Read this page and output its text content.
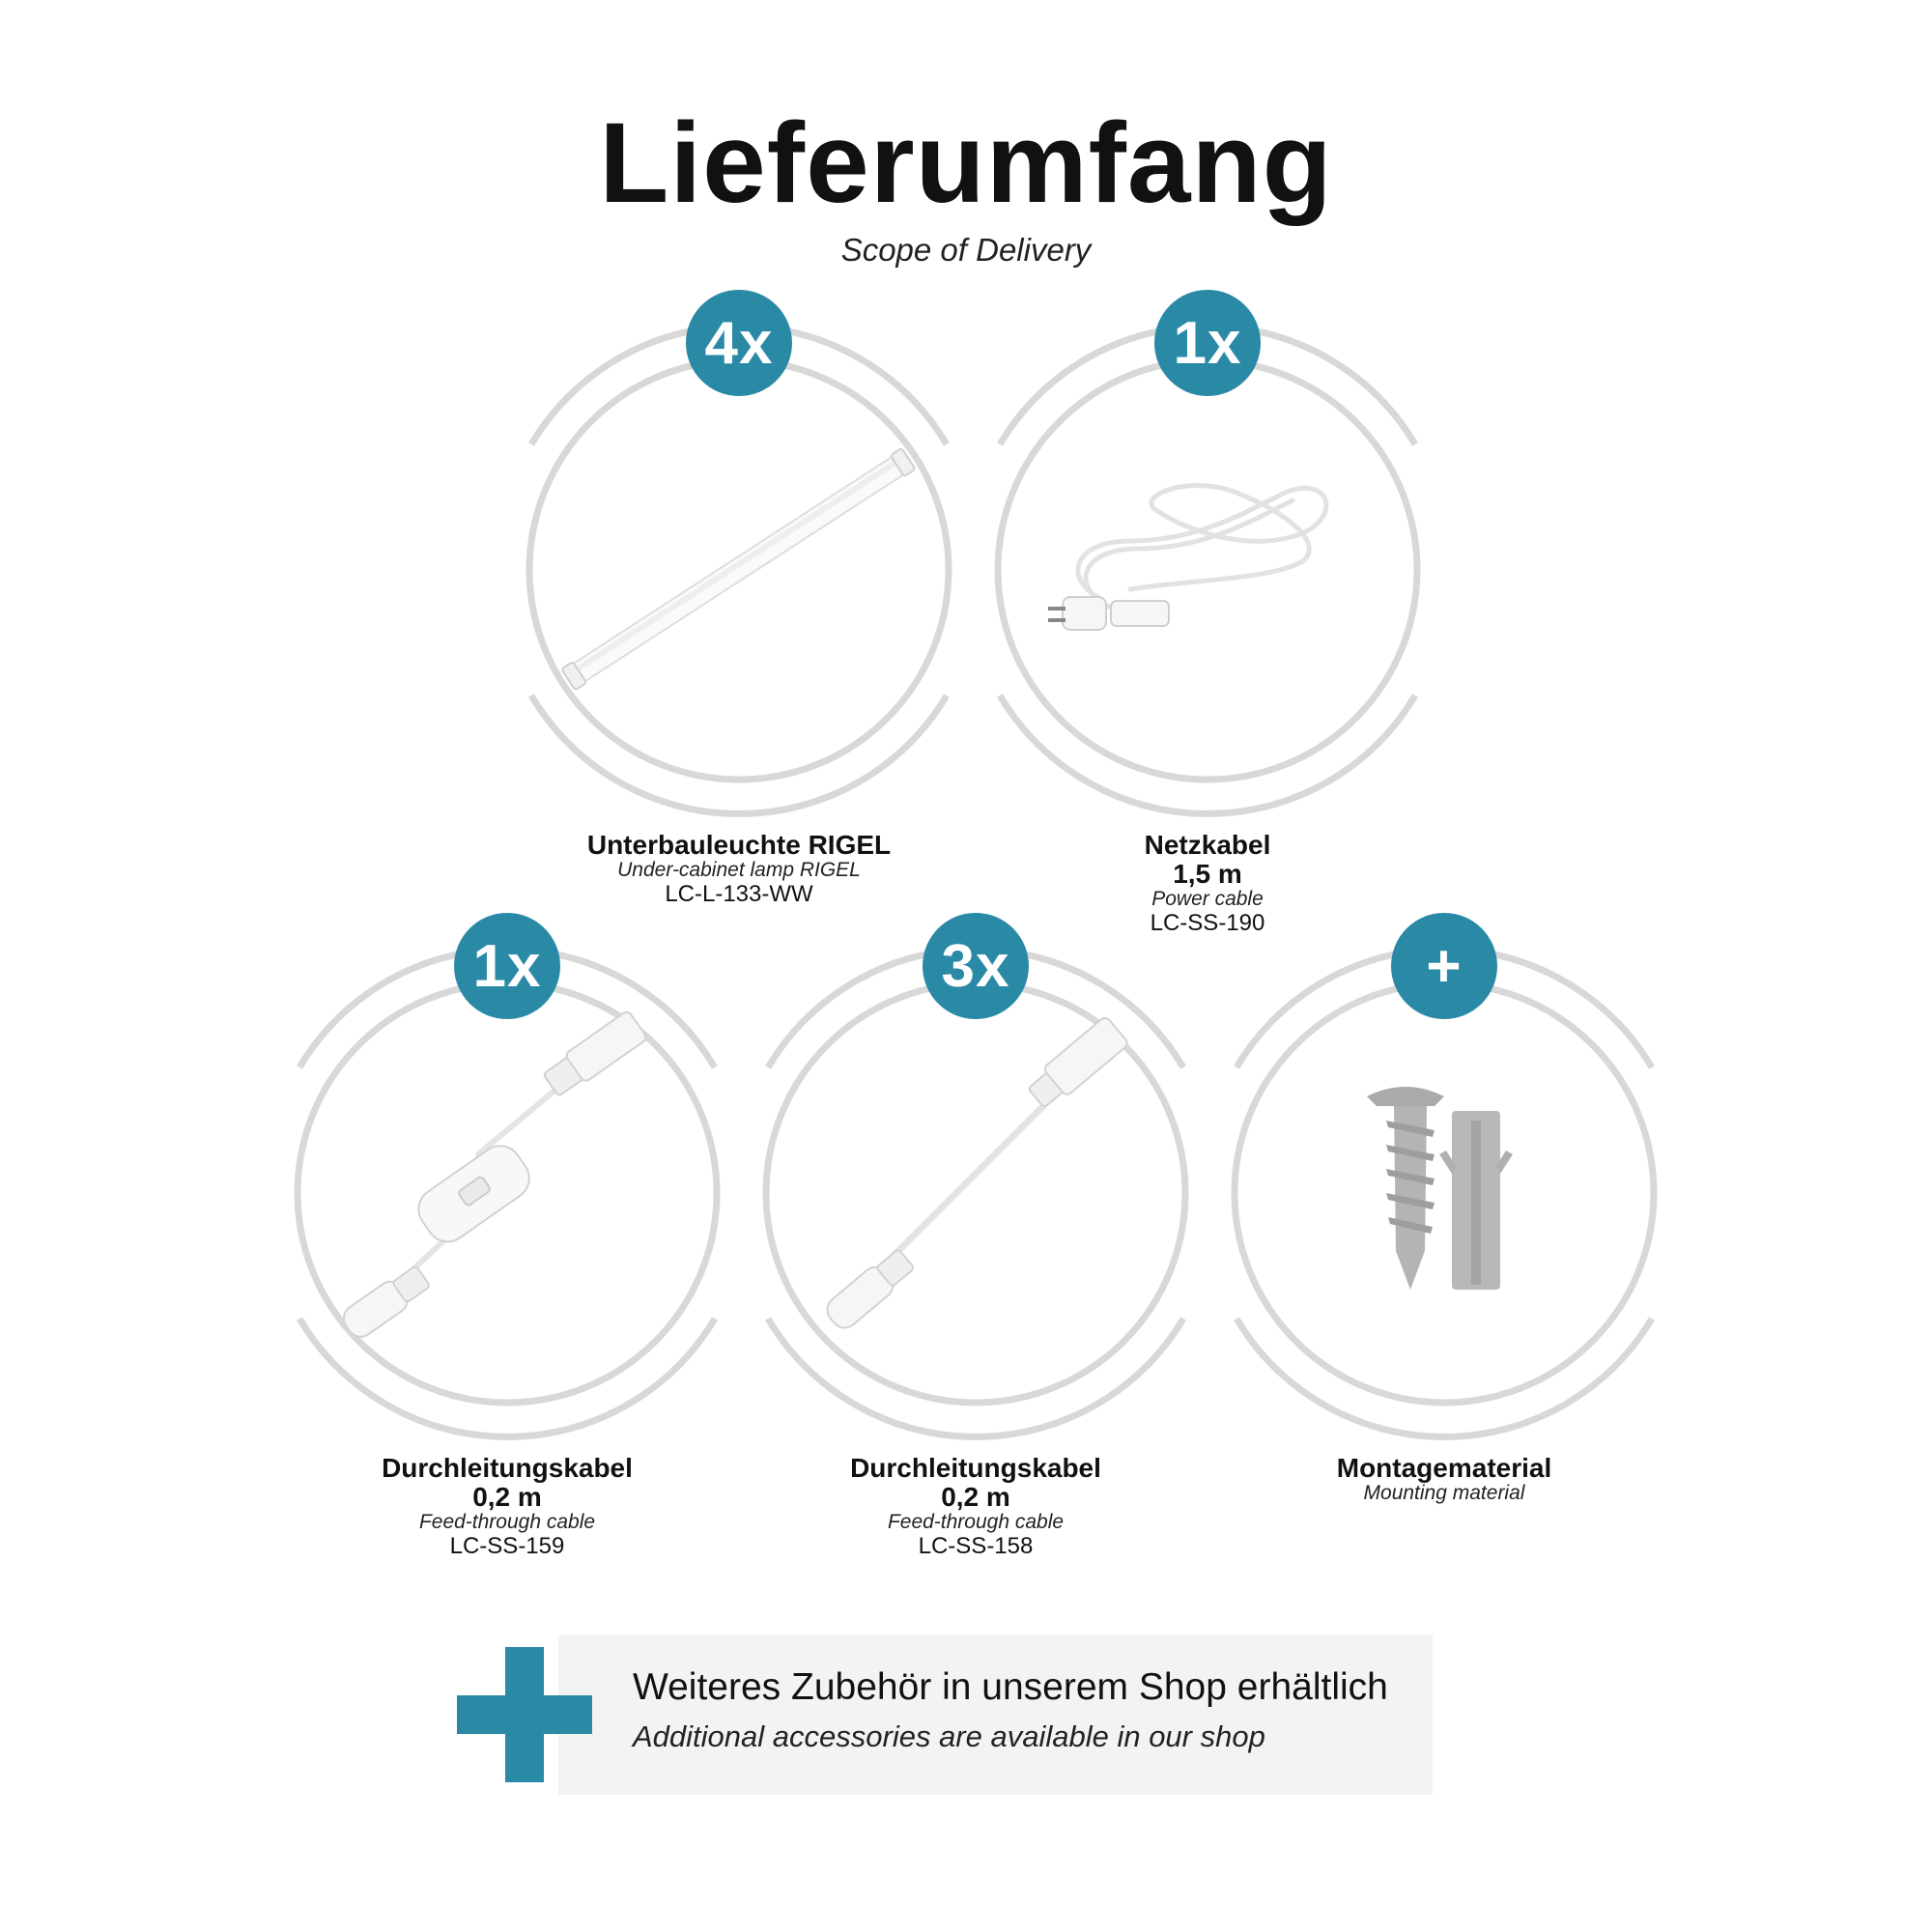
Lieferumfang
Scope of Delivery
4x
Unterbauleuchte RIGEL
Under-cabinet lamp RIGEL
LC-L-133-WW
1x
Netzkabel
1,5 m
Power cable
LC-SS-190
1x
Durchleitungskabel
0,2 m
Feed-through cable
LC-SS-159
3x
Durchleitungskabel
0,2 m
Feed-through cable
LC-SS-158
+
Montagematerial
Mounting material
Weiteres Zubehör in unserem Shop erhältlich
Additional accessories are available in our shop
